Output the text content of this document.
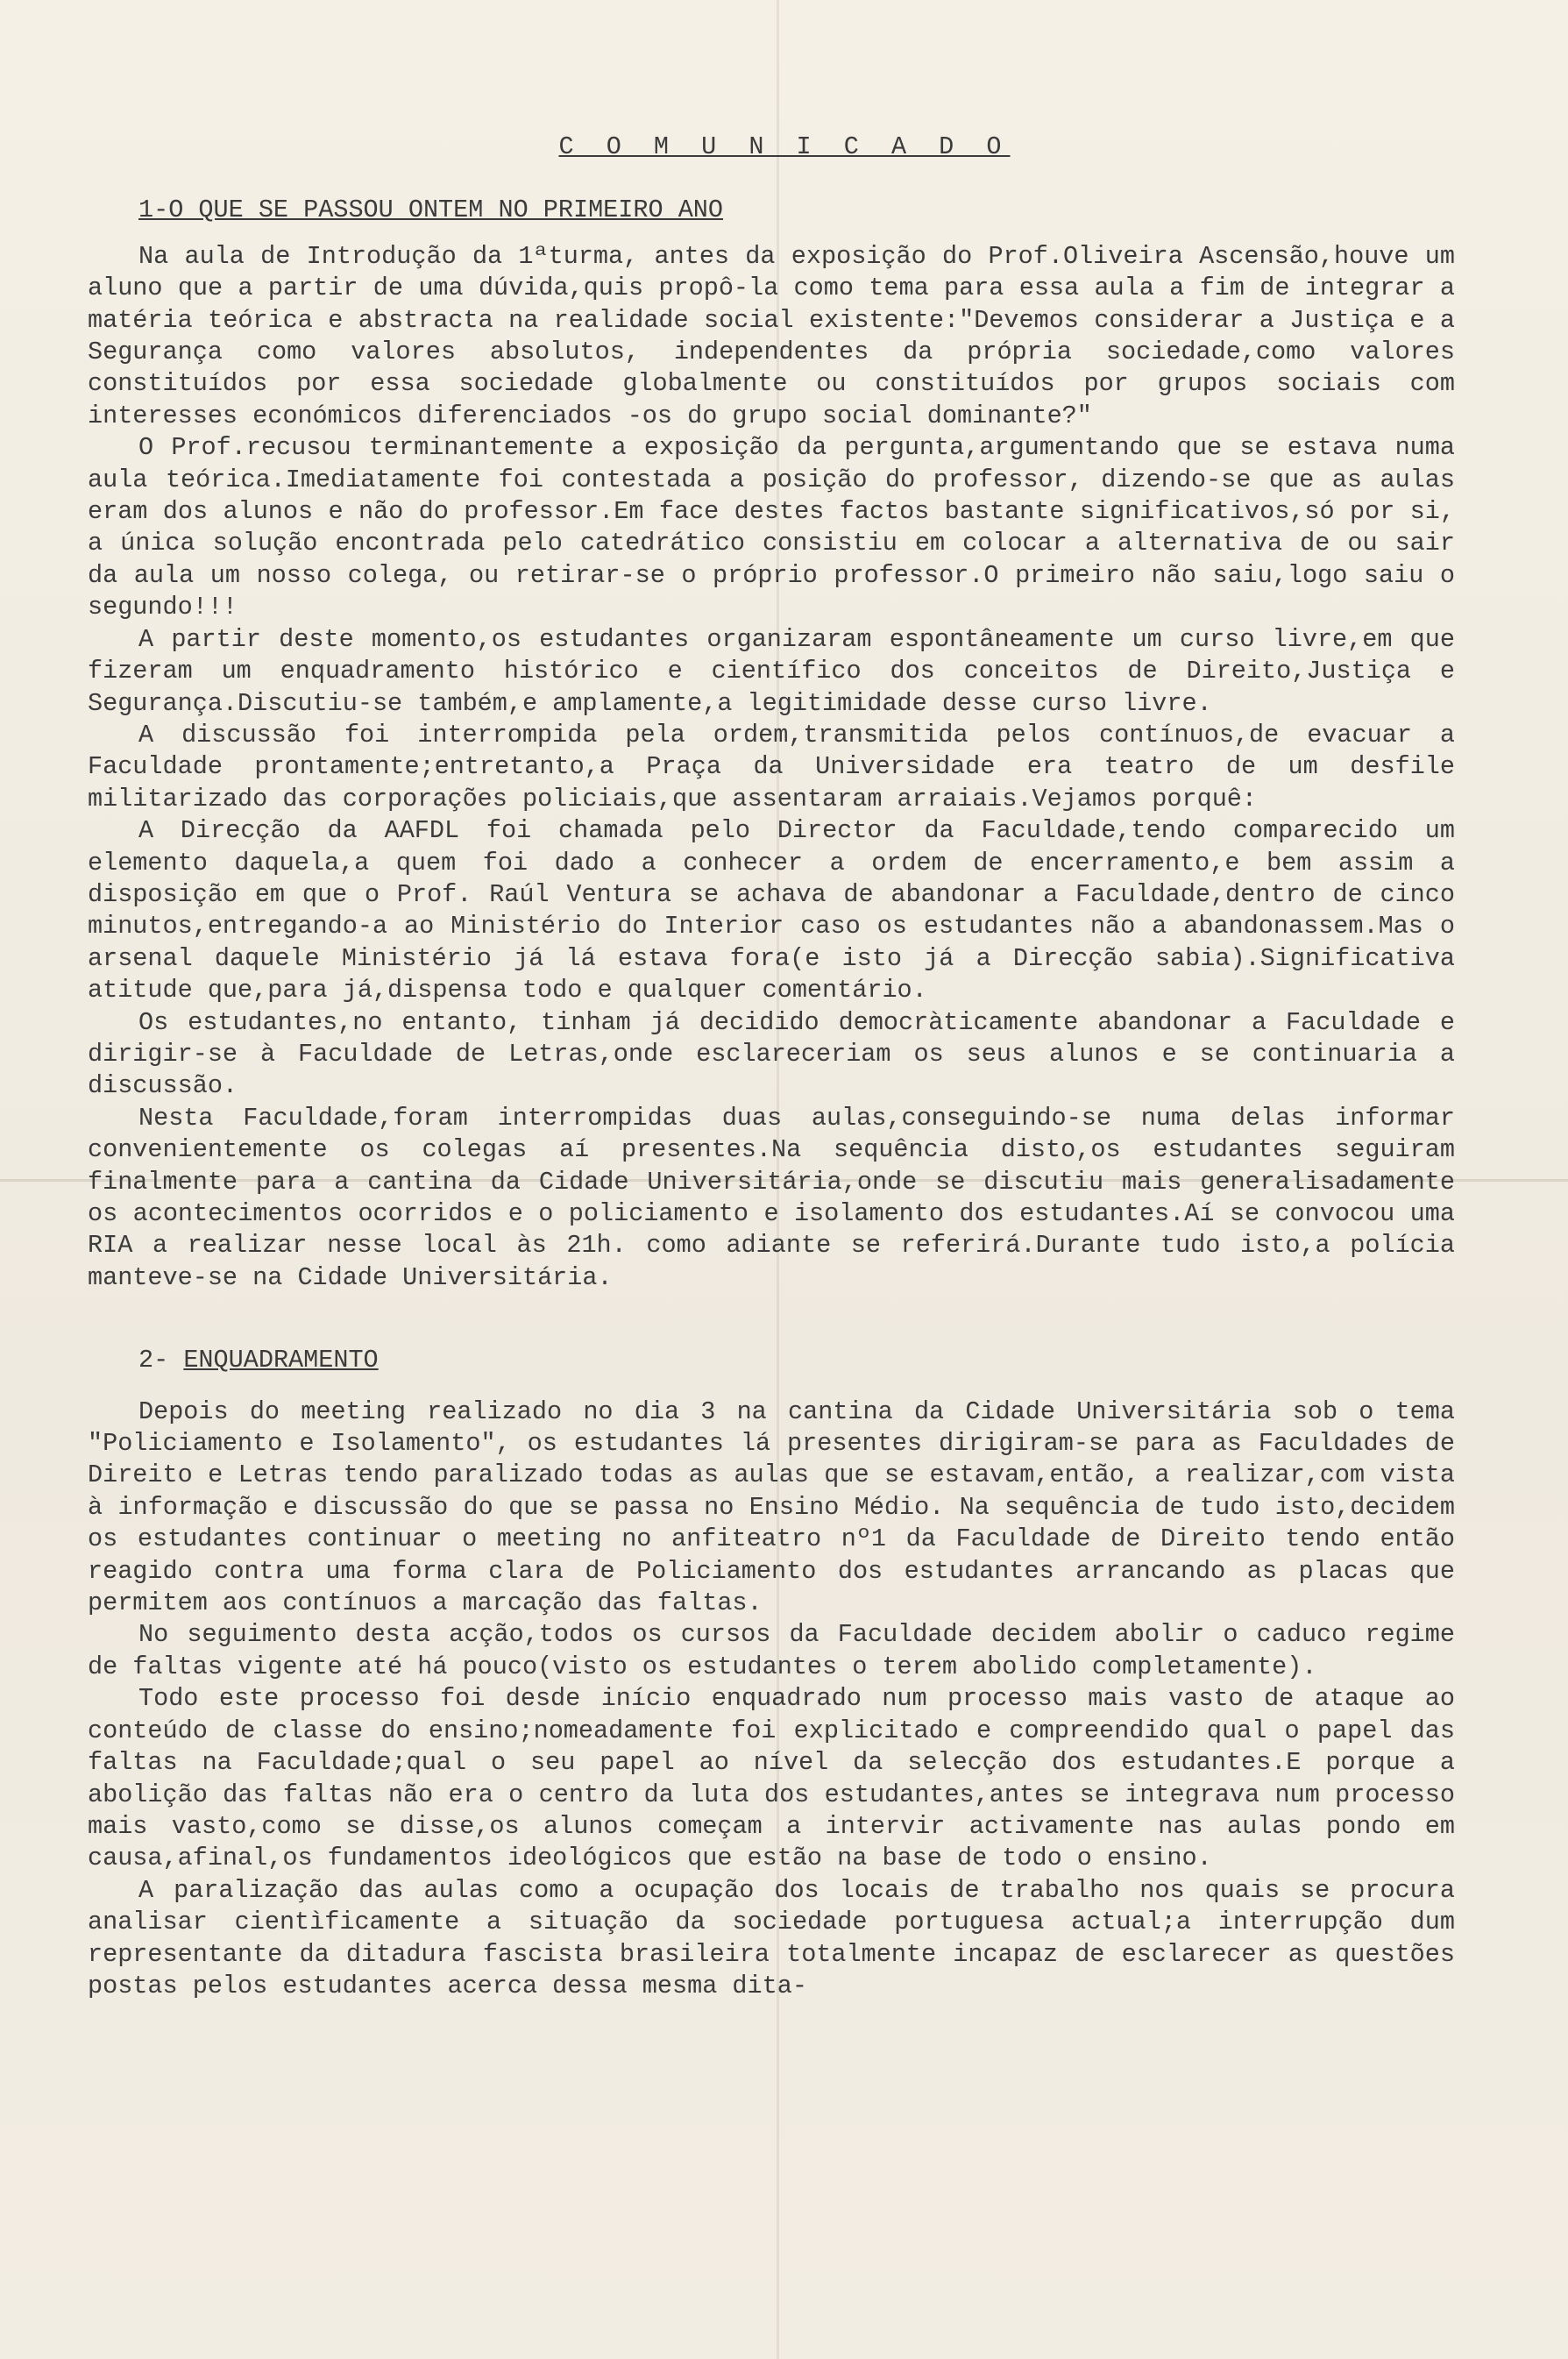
C O M U N I C A D O
1-O QUE SE PASSOU ONTEM NO PRIMEIRO ANO

Na aula de Introdução da 1ªturma, antes da exposição do Prof.Oliveira Ascensão,houve um aluno que a partir de uma dúvida,quis propô-la como tema para essa aula a fim de integrar a matéria teórica e abstracta na realidade social existente:"Devemos considerar a Justiça e a Segurança como valores absolutos, independentes da própria sociedade,como valores constituídos por essa sociedade globalmente ou constituídos por grupos sociais com interesses económicos diferenciados -os do grupo social dominante?"

O Prof.recusou terminantemente a exposição da pergunta,argumentando que se estava numa aula teórica.Imediatamente foi contestada a posição do professor, dizendo-se que as aulas eram dos alunos e não do professor.Em face destes factos bastante significativos,só por si, a única solução encontrada pelo catedrático consistiu em colocar a alternativa de ou sair da aula um nosso colega, ou retirar-se o próprio professor.O primeiro não saiu,logo saiu o segundo!!!

A partir deste momento,os estudantes organizaram espontâneamente um curso livre,em que fizeram um enquadramento histórico e científico dos conceitos de Direito,Justiça e Segurança.Discutiu-se também,e amplamente,a legitimidade desse curso livre.

A discussão foi interrompida pela ordem,transmitida pelos contínuos,de evacuar a Faculdade prontamente;entretanto,a Praça da Universidade era teatro de um desfile militarizado das corporações policiais,que assentaram arraiais.Vejamos porquê:

A Direcção da AAFDL foi chamada pelo Director da Faculdade,tendo comparecido um elemento daquela,a quem foi dado a conhecer a ordem de encerramento,e bem assim a disposição em que o Prof. Raúl Ventura se achava de abandonar a Faculdade,dentro de cinco minutos,entregando-a ao Ministério do Interior caso os estudantes não a abandonassem.Mas o arsenal daquele Ministério já lá estava fora(e isto já a Direcção sabia).Significativa atitude que,para já,dispensa todo e qualquer comentário.

Os estudantes,no entanto, tinham já decidido democràticamente abandonar a Faculdade e dirigir-se à Faculdade de Letras,onde esclareceriam os seus alunos e se continuaria a discussão.

Nesta Faculdade,foram interrompidas duas aulas,conseguindo-se numa delas informar convenientemente os colegas aí presentes.Na sequência disto,os estudantes seguiram finalmente para a cantina da Cidade Universitária,onde se discutiu mais generalisadamente os acontecimentos ocorridos e o policiamento e isolamento dos estudantes.Aí se convocou uma RIA a realizar nesse local às 21h. como adiante se referirá.Durante tudo isto,a polícia manteve-se na Cidade Universitária.

2- ENQUADRAMENTO

Depois do meeting realizado no dia 3 na cantina da Cidade Universitária sob o tema "Policiamento e Isolamento", os estudantes lá presentes dirigiram-se para as Faculdades de Direito e Letras tendo paralizado todas as aulas que se estavam,então, a realizar,com vista à informação e discussão do que se passa no Ensino Médio. Na sequência de tudo isto,decidem os estudantes continuar o meeting no anfiteatro nº1 da Faculdade de Direito tendo então reagido contra uma forma clara de Policiamento dos estudantes arrancando as placas que permitem aos contínuos a marcação das faltas.

No seguimento desta acção,todos os cursos da Faculdade decidem abolir o caduco regime de faltas vigente até há pouco(visto os estudantes o terem abolido completamente).

Todo este processo foi desde início enquadrado num processo mais vasto de ataque ao conteúdo de classe do ensino;nomeadamente foi explicitado e compreendido qual o papel das faltas na Faculdade;qual o seu papel ao nível da selecção dos estudantes.E porque a abolição das faltas não era o centro da luta dos estudantes,antes se integrava num processo mais vasto,como se disse,os alunos começam a intervir activamente nas aulas pondo em causa,afinal,os fundamentos ideológicos que estão na base de todo o ensino.

A paralização das aulas como a ocupação dos locais de trabalho nos quais se procura analisar cientìficamente a situação da sociedade portuguesa actual;a interrupção dum representante da ditadura fascista brasileira totalmente incapaz de esclarecer as questões postas pelos estudantes acerca dessa mesma dita-
